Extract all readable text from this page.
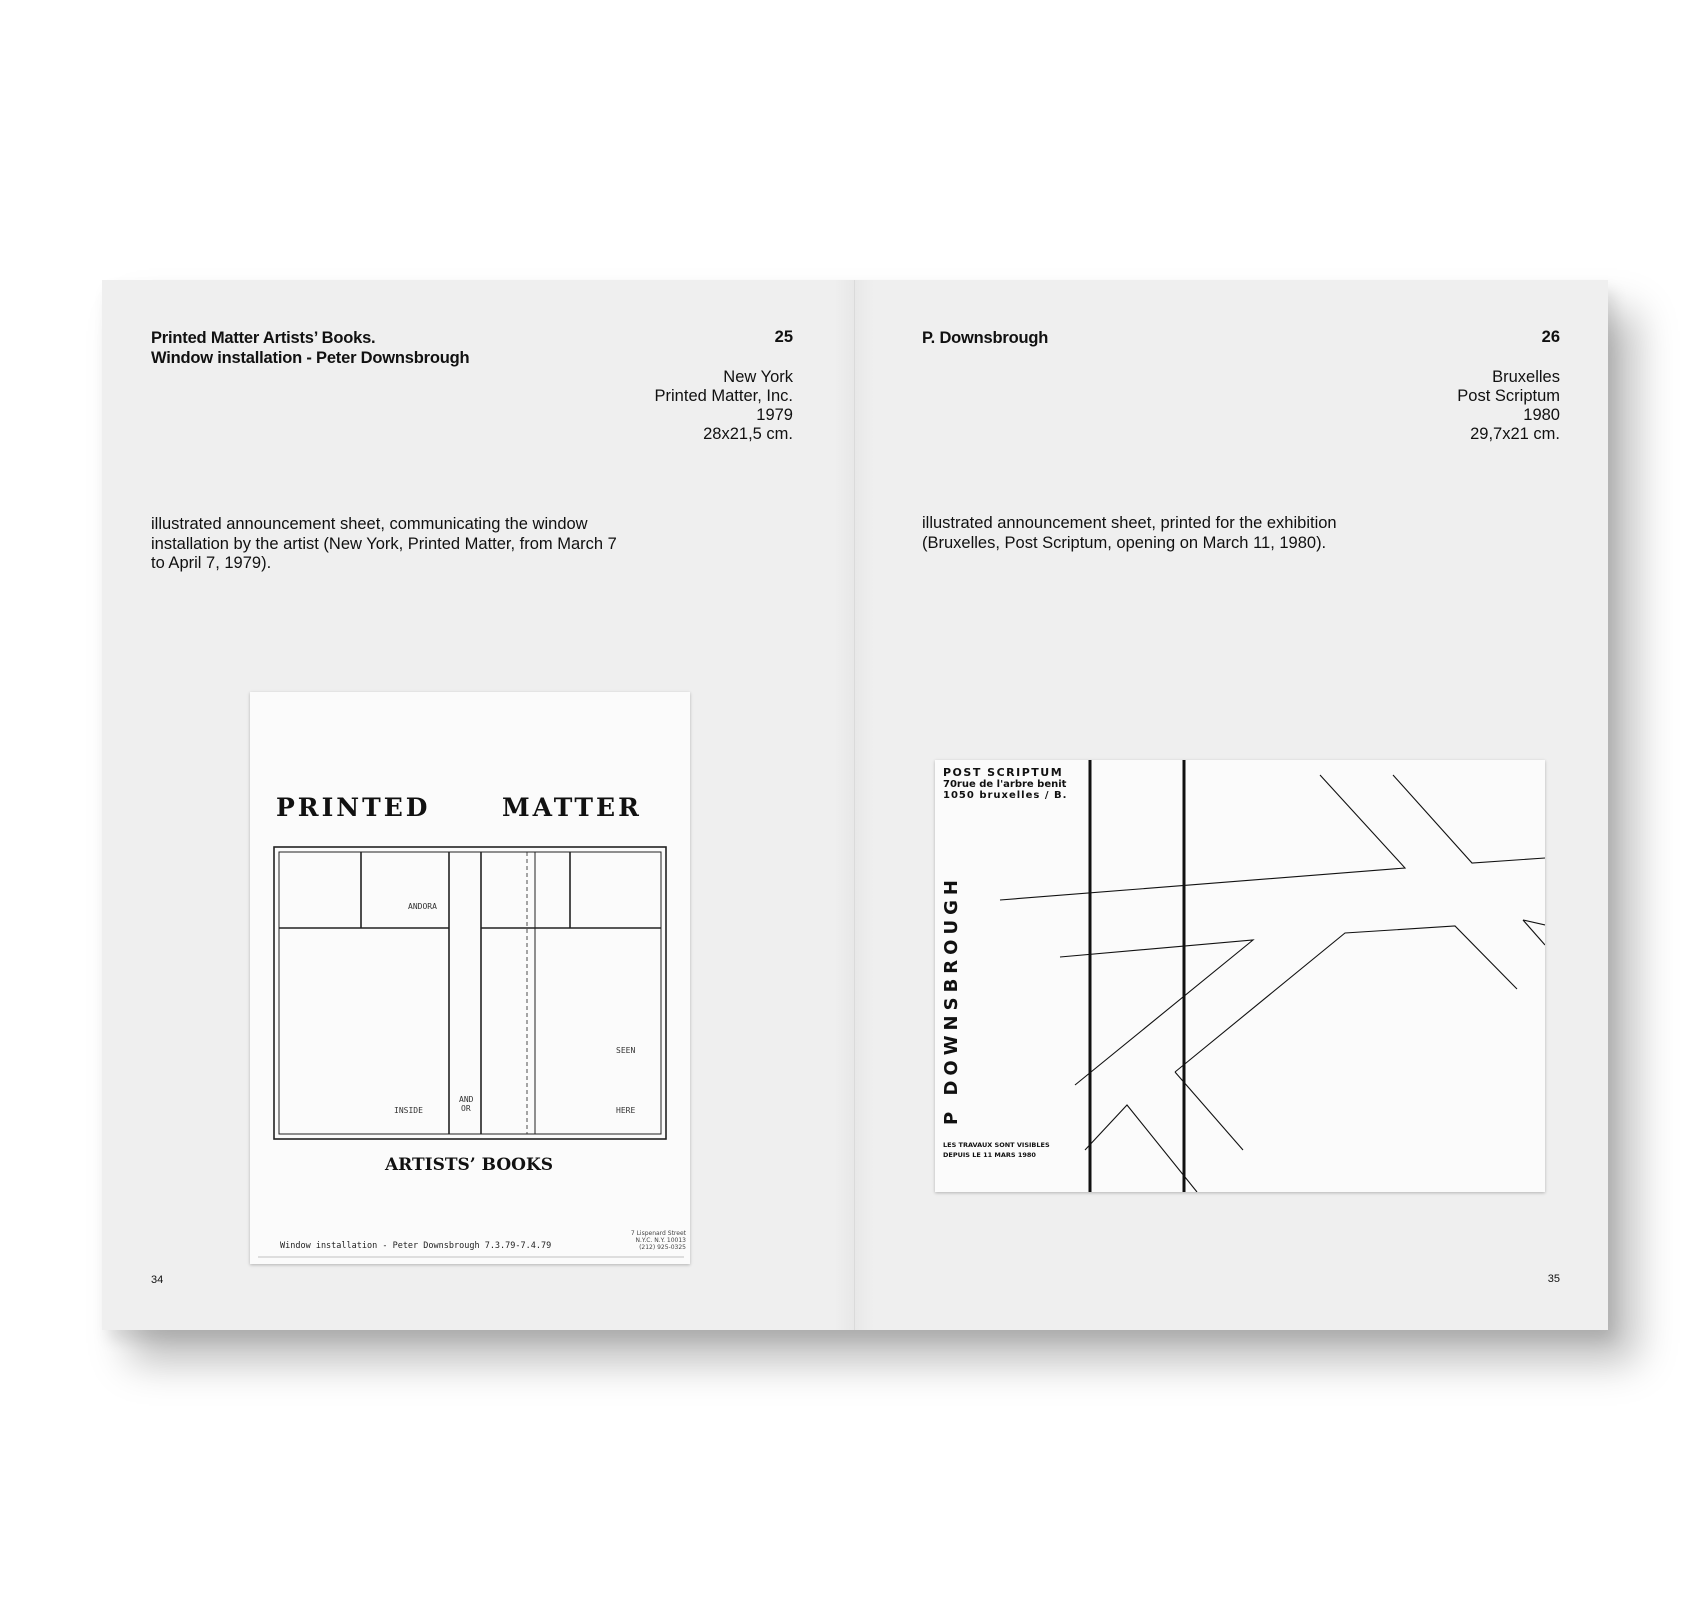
Printed Matter Artists’ Books.
Window installation - Peter Downsbrough
25
New York
Printed Matter, Inc.
1979
28x21,5 cm.
illustrated announcement sheet, communicating the window
installation by the artist (New York, Printed Matter, from March 7
to April 7, 1979).
PRINTED	MATTER
ANDORA
INSIDE
AND
OR
SEEN
HERE
ARTISTS’ BOOKS
Window installation - Peter Downsbrough 7.3.79-7.4.79
7 Lispenard Street
N.Y.C. N.Y. 10013
(212) 925-0325
34
P. Downsbrough	26
Bruxelles
Post Scriptum
1980
29,7x21 cm.
illustrated announcement sheet, printed for the exhibition
(Bruxelles, Post Scriptum, opening on March 11, 1980).
POST SCRIPTUM
70rue de l'arbre benit
1050 bruxelles / B.
P DOWNSBROUGH
LES TRAVAUX SONT VISIBLES
DEPUIS LE 11 MARS 1980
35
